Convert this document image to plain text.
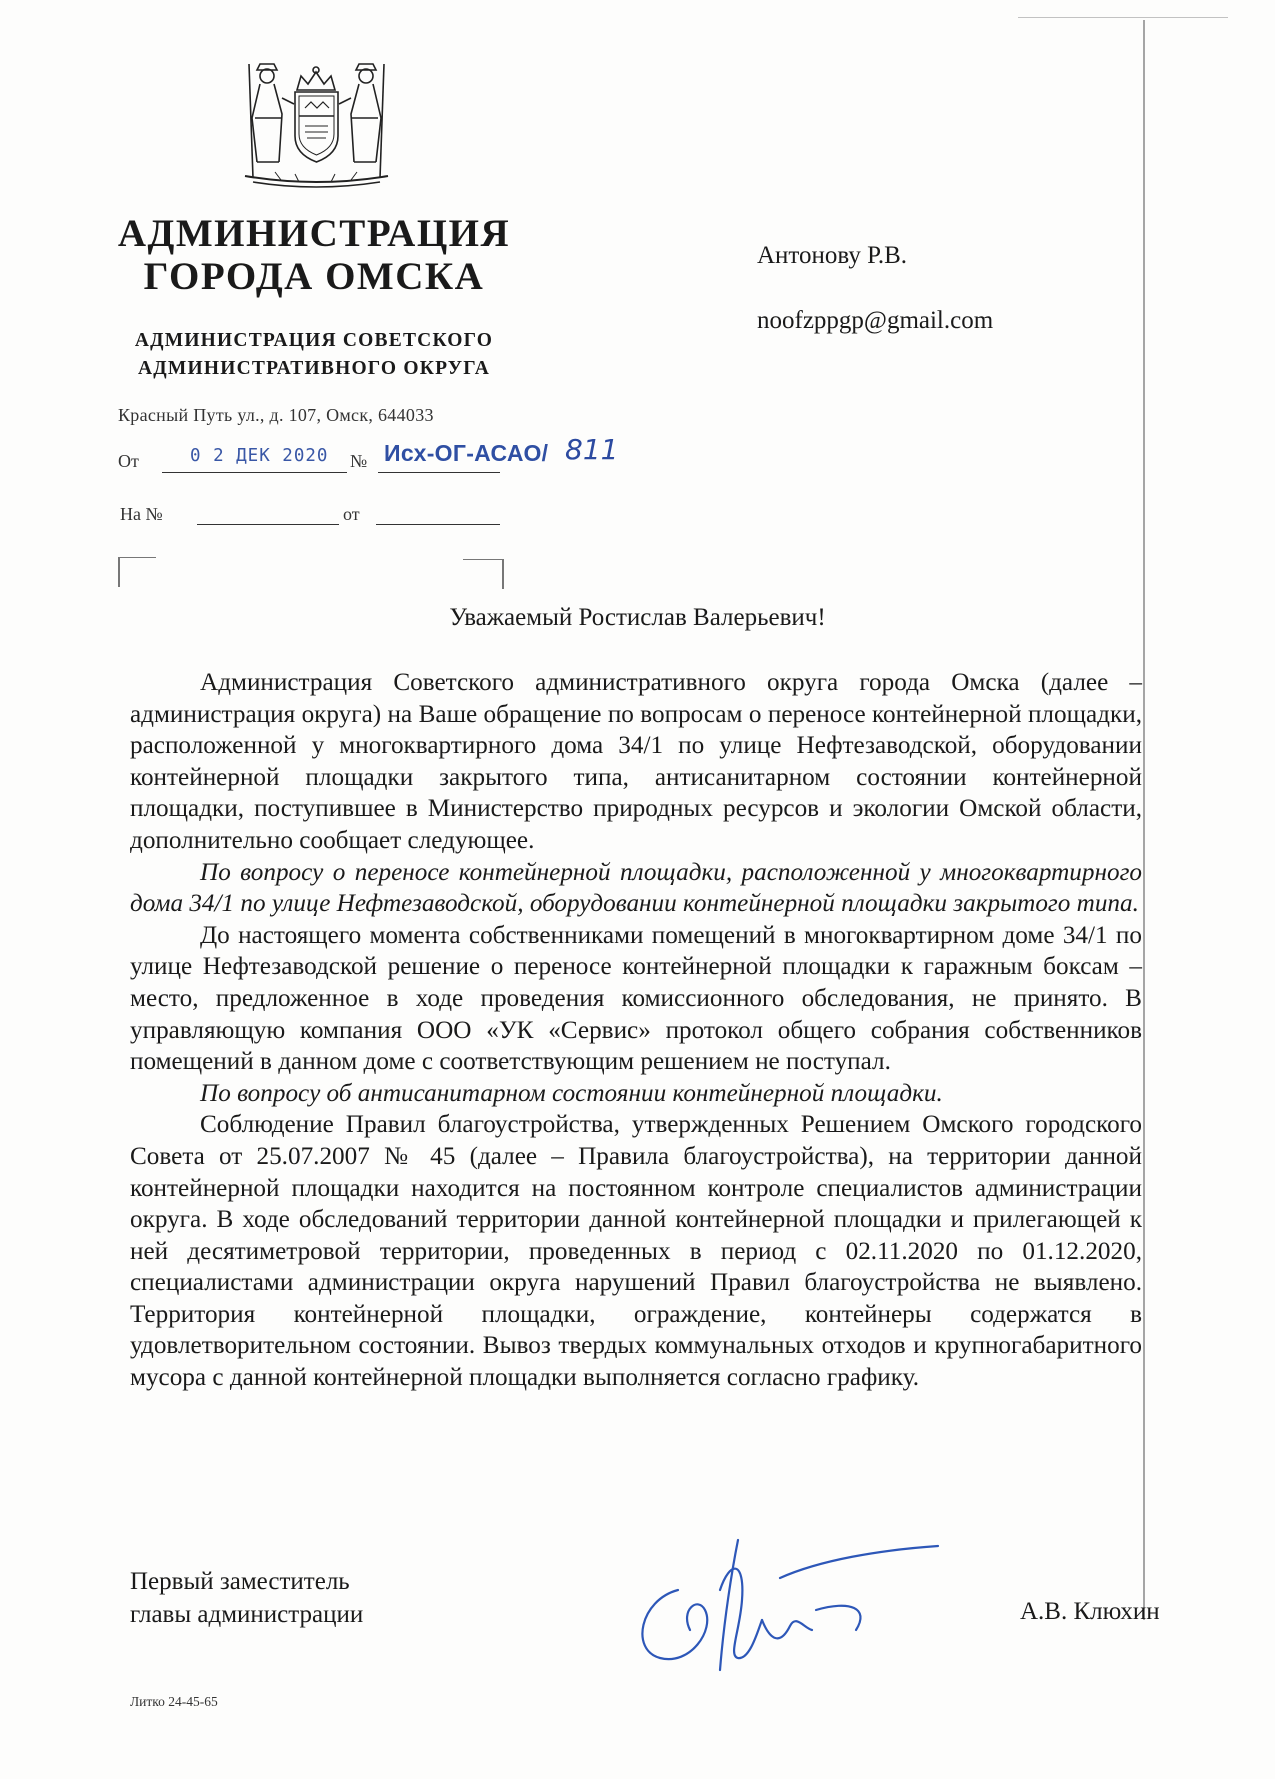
АДМИНИСТРАЦИЯ
ГОРОДА ОМСКА
АДМИНИСТРАЦИЯ СОВЕТСКОГО
АДМИНИСТРАТИВНОГО ОКРУГА
Красный Путь ул., д. 107, Омск, 644033
От	0 2 ДЕК 2020 № Исх-ОГ-АСАО/ 811
На №	от
Антонову Р.В.
noofzppgp@gmail.com
Уважаемый Ростислав Валерьевич!

Администрация Советского административного округа города Омска (далее – администрация округа) на Ваше обращение по вопросам о переносе контейнерной площадки, расположенной у многоквартирного дома 34/1 по улице Нефтезаводской, оборудовании контейнерной площадки закрытого типа, антисанитарном состоянии контейнерной площадки, поступившее в Министерство природных ресурсов и экологии Омской области, дополнительно сообщает следующее.

По вопросу о переносе контейнерной площадки, расположенной у многоквартирного дома 34/1 по улице Нефтезаводской, оборудовании контейнерной площадки закрытого типа.

До настоящего момента собственниками помещений в многоквартирном доме 34/1 по улице Нефтезаводской решение о переносе контейнерной площадки к гаражным боксам – место, предложенное в ходе проведения комиссионного обследования, не принято. В управляющую компания ООО «УК «Сервис» протокол общего собрания собственников помещений в данном доме с соответствующим решением не поступал.

По вопросу об антисанитарном состоянии контейнерной площадки.

Соблюдение Правил благоустройства, утвержденных Решением Омского городского Совета от 25.07.2007 № 45 (далее – Правила благоустройства), на территории данной контейнерной площадки находится на постоянном контроле специалистов администрации округа. В ходе обследований территории данной контейнерной площадки и прилегающей к ней десятиметровой территории, проведенных в период с 02.11.2020 по 01.12.2020, специалистами администрации округа нарушений Правил благоустройства не выявлено. Территория контейнерной площадки, ограждение, контейнеры содержатся в удовлетворительном состоянии. Вывоз твердых коммунальных отходов и крупногабаритного мусора с данной контейнерной площадки выполняется согласно графику.

Первый заместитель
главы администрации	А.В. Клюхин
Литко 24-45-65
